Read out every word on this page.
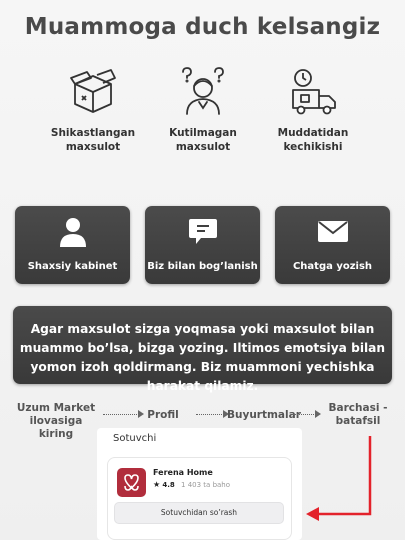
Muammoga duch kelsangiz
Shikastlangan
maxsulot
Kutilmagan
maxsulot
Muddatidan
kechikishi
Shaxsiy kabinet	Biz bilan bog’lanish	Chatga yozish
Agar maxsulot sizga yoqmasa yoki maxsulot bilan muammo bo’lsa, bizga yozing. Iltimos emotsiya bilan yomon izoh qoldirmang. Biz muammoni yechishka harakat qilamiz.
Uzum Market
ilovasiga kiring
Profil	Buyurtmalar
Barchasi -
batafsil
Sotuvchi
Ferena Home
★ 4.8 1 403 ta baho
Sotuvchidan so’rash
